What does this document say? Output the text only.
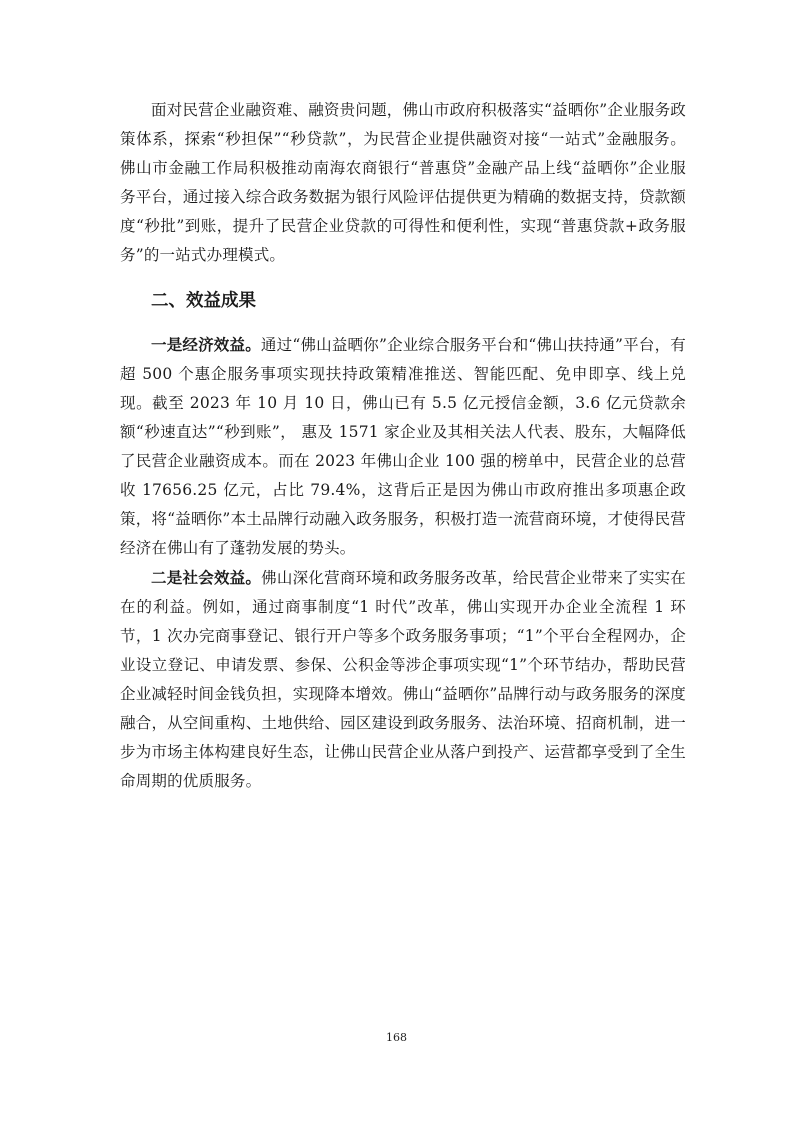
面对民营企业融资难、融资贵问题，佛山市政府积极落实“益晒你”企业服务政策体系，探索“秒担保”“秒贷款”，为民营企业提供融资对接“一站式”金融服务。佛山市金融工作局积极推动南海农商银行“普惠贷”金融产品上线“益晒你”企业服务平台，通过接入综合政务数据为银行风险评估提供更为精确的数据支持，贷款额度“秒批”到账，提升了民营企业贷款的可得性和便利性，实现“普惠贷款+政务服务”的一站式办理模式。

二、效益成果

一是经济效益。通过“佛山益晒你”企业综合服务平台和“佛山扶持通”平台，有超 500 个惠企服务事项实现扶持政策精准推送、智能匹配、免申即享、线上兑现。截至 2023 年 10 月 10 日，佛山已有 5.5 亿元授信金额，3.6 亿元贷款余额“秒速直达”“秒到账”， 惠及 1571 家企业及其相关法人代表、股东，大幅降低了民营企业融资成本。而在 2023 年佛山企业 100 强的榜单中，民营企业的总营收 17656.25 亿元，占比 79.4%，这背后正是因为佛山市政府推出多项惠企政策，将“益晒你”本土品牌行动融入政务服务，积极打造一流营商环境，才使得民营经济在佛山有了蓬勃发展的势头。

二是社会效益。佛山深化营商环境和政务服务改革，给民营企业带来了实实在在的利益。例如，通过商事制度“1 时代”改革，佛山实现开办企业全流程 1 环节，1 次办完商事登记、银行开户等多个政务服务事项；“1”个平台全程网办，企业设立登记、申请发票、参保、公积金等涉企事项实现“1”个环节结办，帮助民营企业减轻时间金钱负担，实现降本增效。佛山“益晒你”品牌行动与政务服务的深度融合，从空间重构、土地供给、园区建设到政务服务、法治环境、招商机制，进一步为市场主体构建良好生态，让佛山民营企业从落户到投产、运营都享受到了全生命周期的优质服务。

168
